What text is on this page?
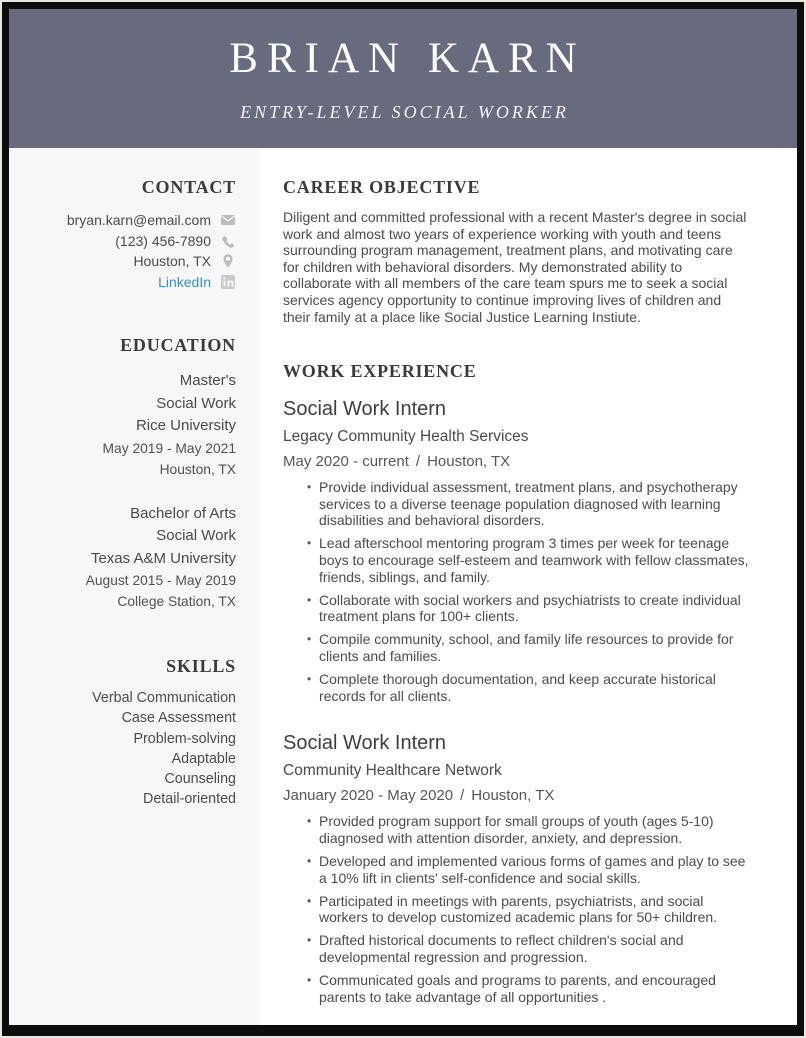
BRIAN KARN
ENTRY-LEVEL SOCIAL WORKER
CONTACT
bryan.karn@email.com
(123) 456-7890
Houston, TX
LinkedIn
EDUCATION
Master's
Social Work
Rice University
May 2019 - May 2021
Houston, TX
Bachelor of Arts
Social Work
Texas A&M University
August 2015 - May 2019
College Station, TX
SKILLS
Verbal Communication
Case Assessment
Problem-solving
Adaptable
Counseling
Detail-oriented
CAREER OBJECTIVE

Diligent and committed professional with a recent Master's degree in social work and almost two years of experience working with youth and teens surrounding program management, treatment plans, and motivating care for children with behavioral disorders. My demonstrated ability to collaborate with all members of the care team spurs me to seek a social services agency opportunity to continue improving lives of children and their family at a place like Social Justice Learning Instiute.

WORK EXPERIENCE
Social Work Intern
Legacy Community Health Services
May 2020 - current / Houston, TX
• Provide individual assessment, treatment plans, and psychotherapy services to a diverse teenage population diagnosed with learning disabilities and behavioral disorders.
• Lead afterschool mentoring program 3 times per week for teenage boys to encourage self-esteem and teamwork with fellow classmates, friends, siblings, and family.
• Collaborate with social workers and psychiatrists to create individual treatment plans for 100+ clients.
• Compile community, school, and family life resources to provide for clients and families.
• Complete thorough documentation, and keep accurate historical records for all clients.
Social Work Intern
Community Healthcare Network
January 2020 - May 2020 / Houston, TX
• Provided program support for small groups of youth (ages 5-10) diagnosed with attention disorder, anxiety, and depression.
• Developed and implemented various forms of games and play to see a 10% lift in clients' self-confidence and social skills.
• Participated in meetings with parents, psychiatrists, and social workers to develop customized academic plans for 50+ children.
• Drafted historical documents to reflect children's social and developmental regression and progression.
• Communicated goals and programs to parents, and encouraged parents to take advantage of all opportunities .
